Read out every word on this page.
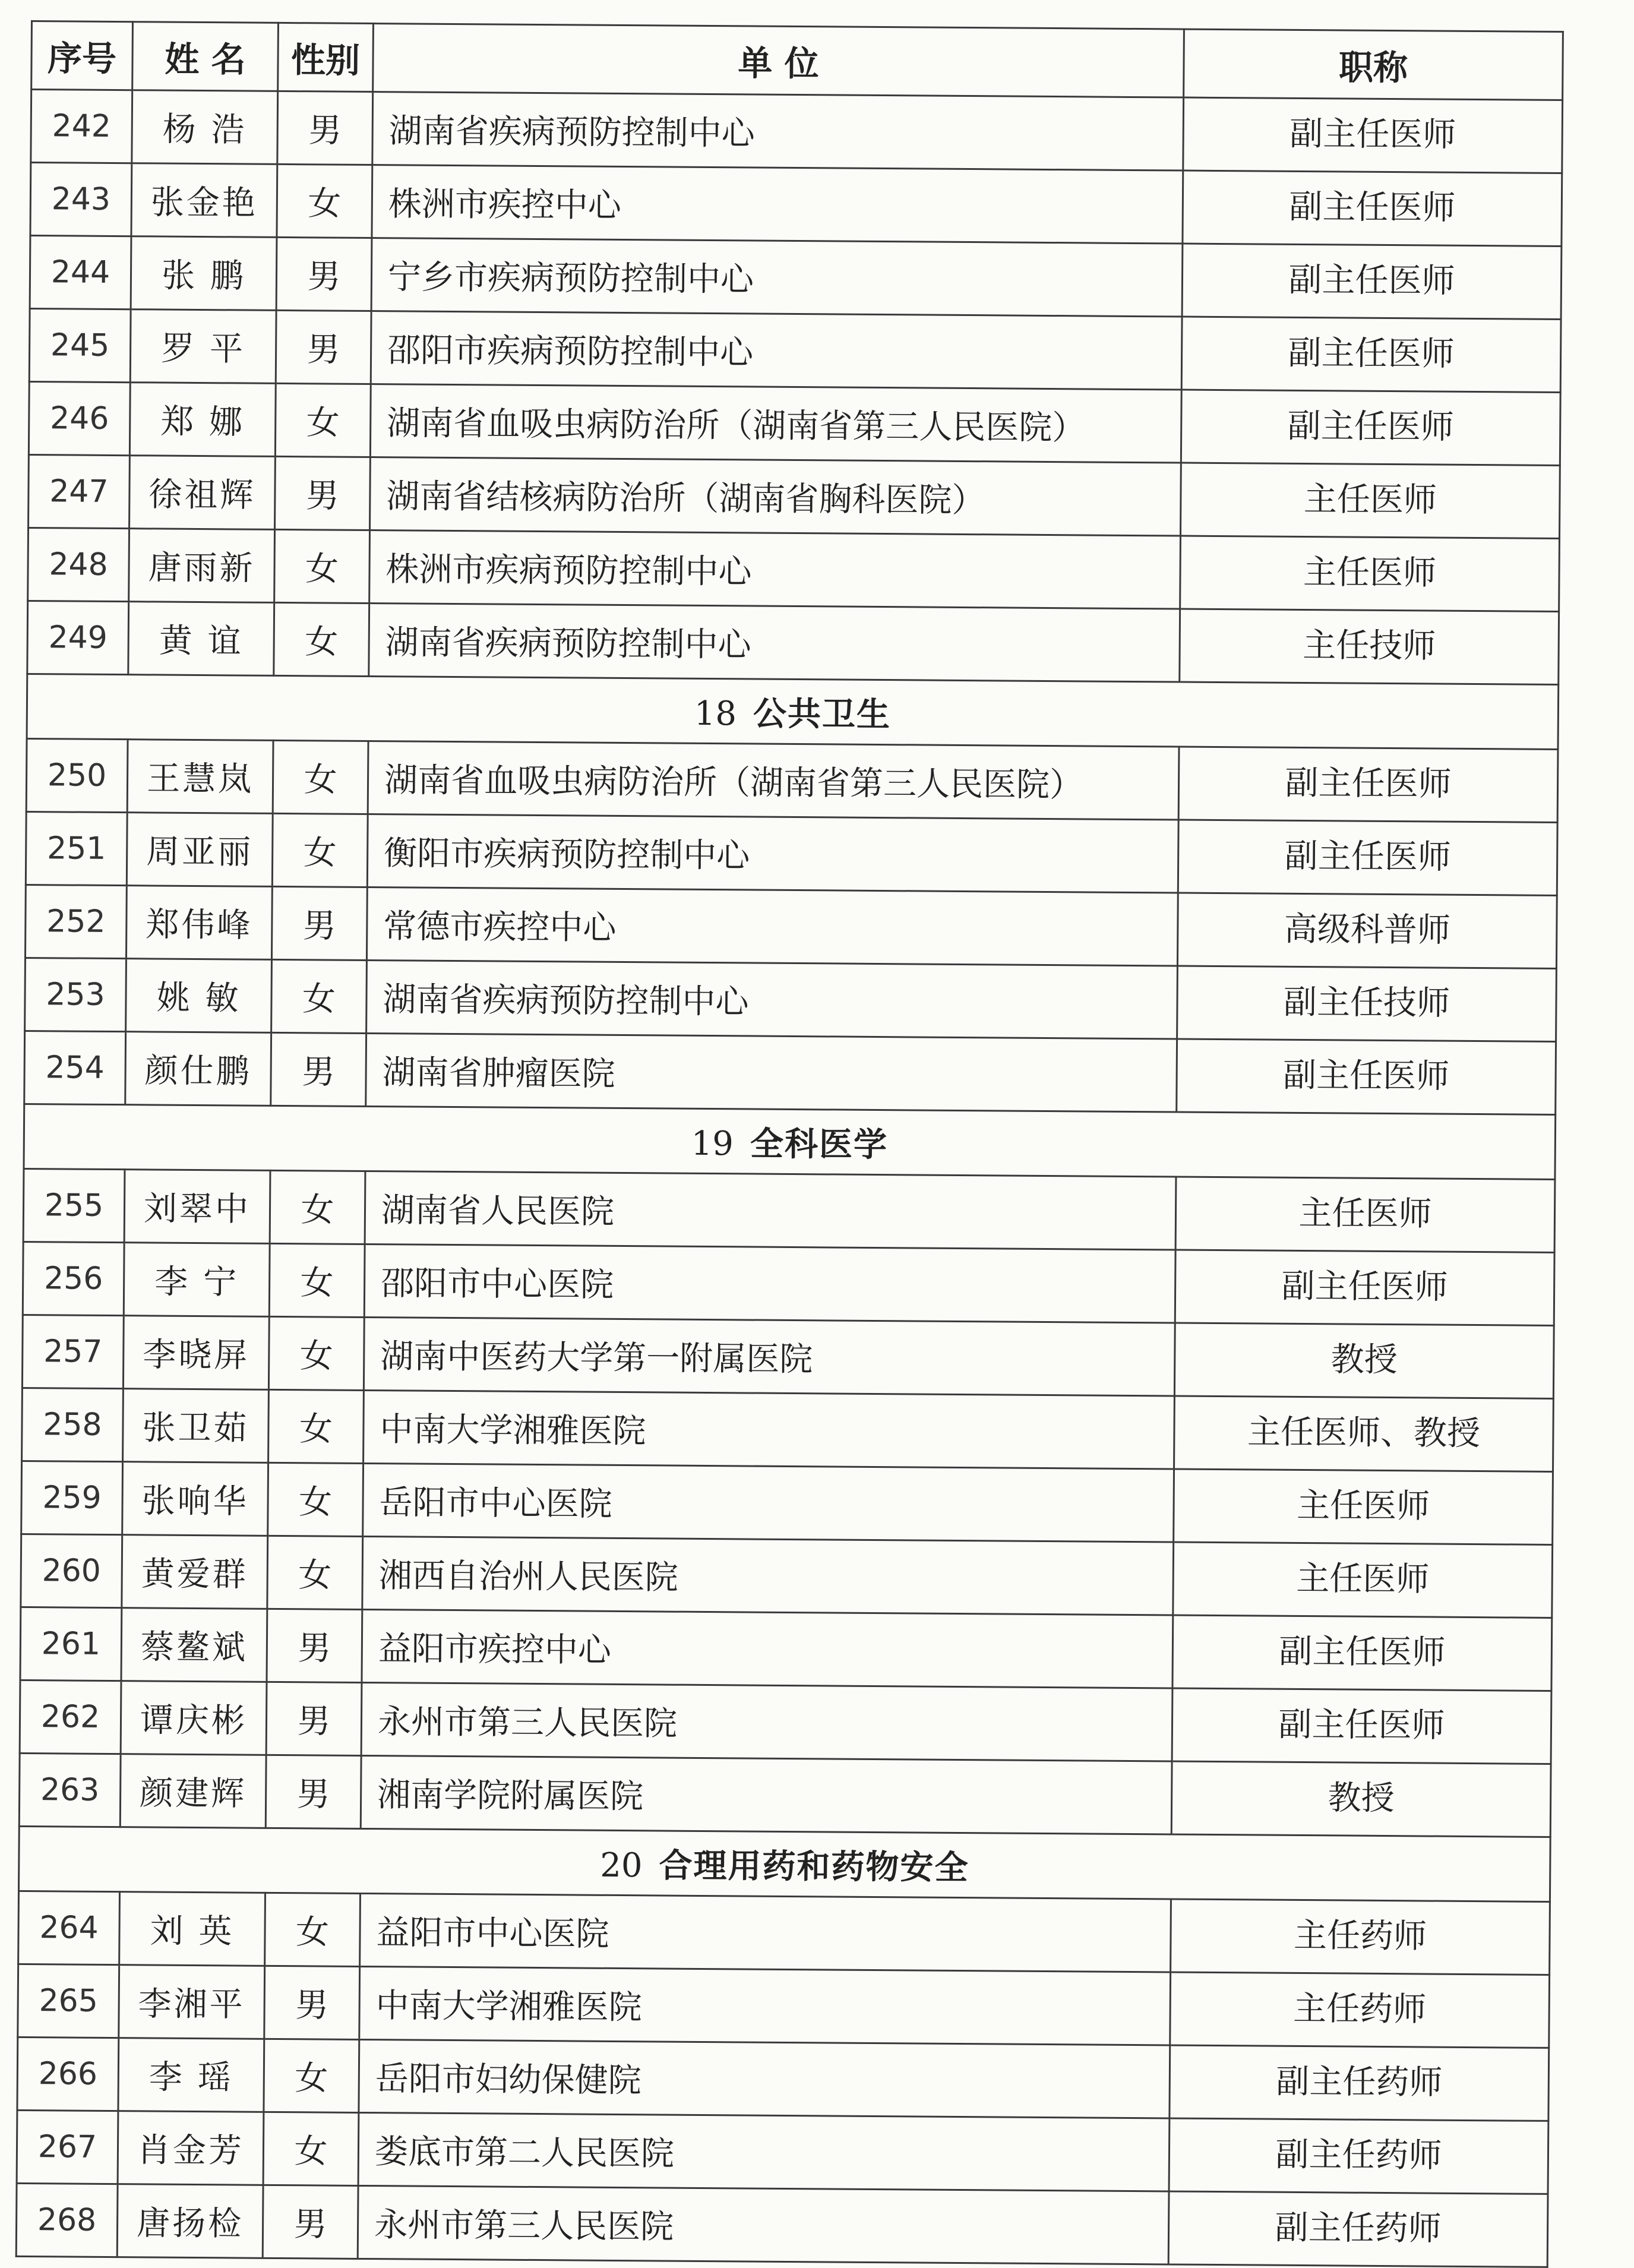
序号	姓 名	性别	单 位	职称
242	杨 浩	男	湖南省疾病预防控制中心	副主任医师
243	张金艳	女	株洲市疾控中心	副主任医师
244	张 鹏	男	宁乡市疾病预防控制中心	副主任医师
245	罗 平	男	邵阳市疾病预防控制中心	副主任医师
246	郑 娜	女	湖南省血吸虫病防治所（湖南省第三人民医院）	副主任医师
247	徐祖辉	男	湖南省结核病防治所（湖南省胸科医院）	主任医师
248	唐雨新	女	株洲市疾病预防控制中心	主任医师
249	黄 谊	女	湖南省疾病预防控制中心	主任技师
18  公共卫生				
250	王慧岚	女	湖南省血吸虫病防治所（湖南省第三人民医院）	副主任医师
251	周亚丽	女	衡阳市疾病预防控制中心	副主任医师
252	郑伟峰	男	常德市疾控中心	高级科普师
253	姚 敏	女	湖南省疾病预防控制中心	副主任技师
254	颜仕鹏	男	湖南省肿瘤医院	副主任医师
19  全科医学				
255	刘翠中	女	湖南省人民医院	主任医师
256	李 宁	女	邵阳市中心医院	副主任医师
257	李晓屏	女	湖南中医药大学第一附属医院	教授
258	张卫茹	女	中南大学湘雅医院	主任医师、教授
259	张响华	女	岳阳市中心医院	主任医师
260	黄爱群	女	湘西自治州人民医院	主任医师
261	蔡鳌斌	男	益阳市疾控中心	副主任医师
262	谭庆彬	男	永州市第三人民医院	副主任医师
263	颜建辉	男	湘南学院附属医院	教授
20  合理用药和药物安全				
264	刘 英	女	益阳市中心医院	主任药师
265	李湘平	男	中南大学湘雅医院	主任药师
266	李 瑶	女	岳阳市妇幼保健院	副主任药师
267	肖金芳	女	娄底市第二人民医院	副主任药师
268	唐扬检	男	永州市第三人民医院	副主任药师
